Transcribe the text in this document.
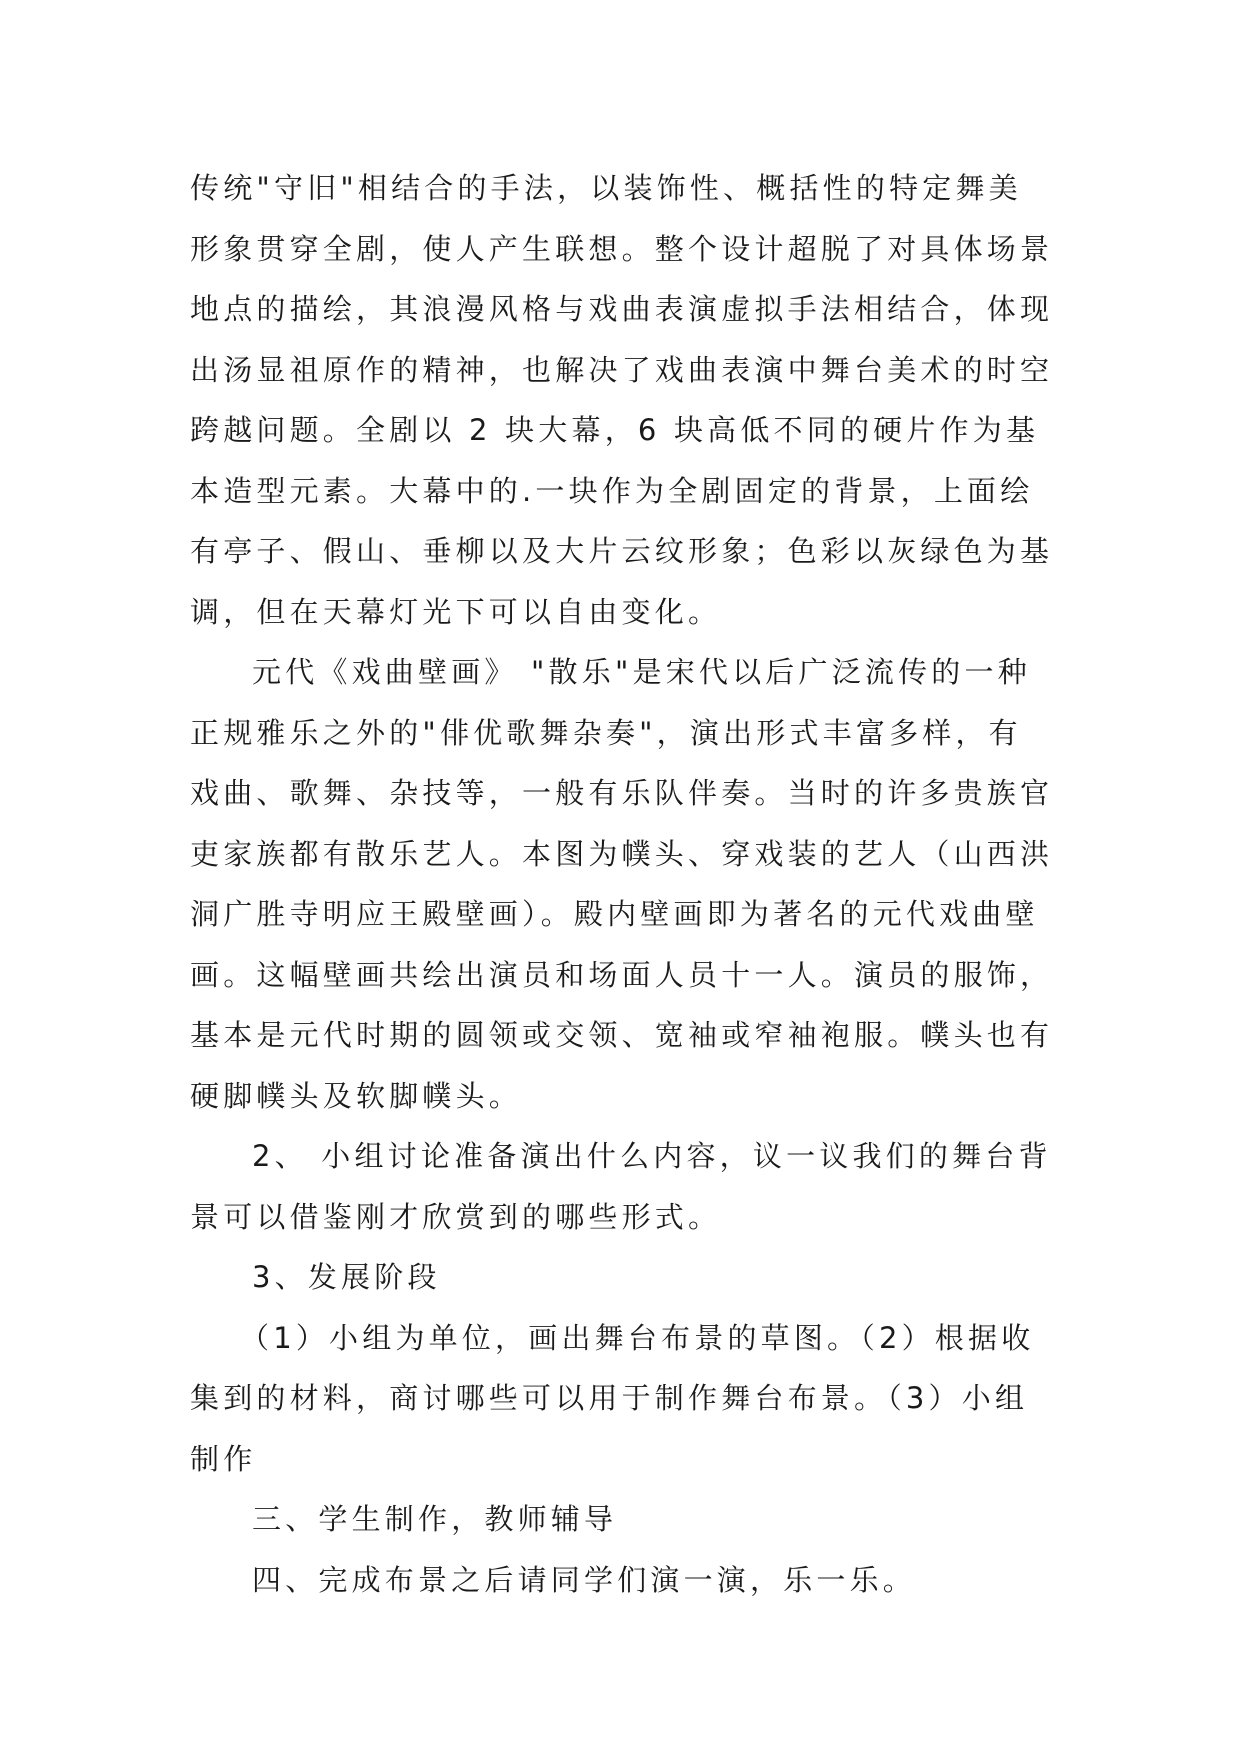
传统"守旧"相结合的手法，以装饰性、概括性的特定舞美形象贯穿全剧，使人产生联想。整个设计超脱了对具体场景地点的描绘，其浪漫风格与戏曲表演虚拟手法相结合，体现出汤显祖原作的精神，也解决了戏曲表演中舞台美术的时空跨越问题。全剧以 2 块大幕，6 块高低不同的硬片作为基本造型元素。大幕中的.一块作为全剧固定的背景，上面绘有亭子、假山、垂柳以及大片云纹形象；色彩以灰绿色为基调，但在天幕灯光下可以自由变化。

元代《戏曲壁画》 "散乐"是宋代以后广泛流传的一种正规雅乐之外的"俳优歌舞杂奏"，演出形式丰富多样，有戏曲、歌舞、杂技等，一般有乐队伴奏。当时的许多贵族官吏家族都有散乐艺人。本图为幞头、穿戏装的艺人（山西洪洞广胜寺明应王殿壁画）。殿内壁画即为著名的元代戏曲壁画。这幅壁画共绘出演员和场面人员十一人。演员的服饰，基本是元代时期的圆领或交领、宽袖或窄袖袍服。幞头也有硬脚幞头及软脚幞头。

2、 小组讨论准备演出什么内容，议一议我们的舞台背景可以借鉴刚才欣赏到的哪些形式。

3、发展阶段

（1）小组为单位，画出舞台布景的草图。（2）根据收集到的材料，商讨哪些可以用于制作舞台布景。（3）小组制作

三、学生制作，教师辅导

四、完成布景之后请同学们演一演，乐一乐。
